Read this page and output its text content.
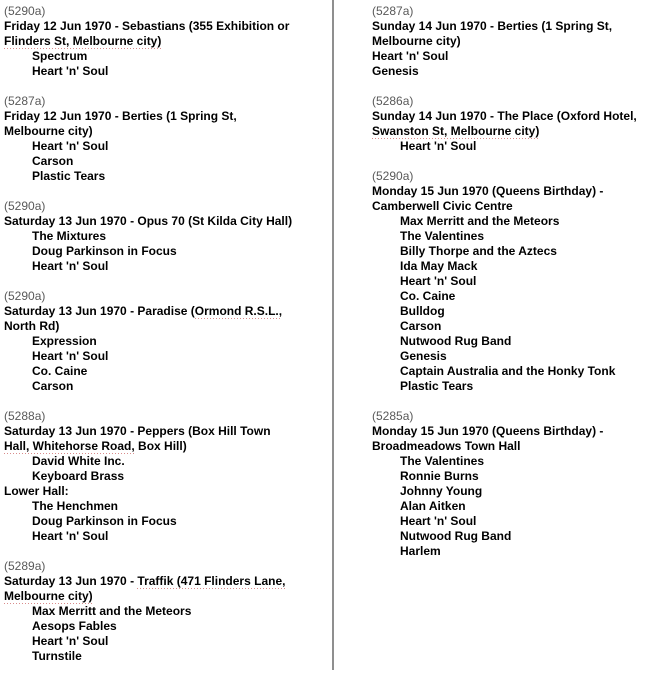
(5290a)
Friday 12 Jun 1970 - Sebastians (355 Exhibition or
Flinders St, Melbourne city)
Spectrum
Heart 'n' Soul
(5287a)
Friday 12 Jun 1970 - Berties (1 Spring St,
Melbourne city)
Heart 'n' Soul
Carson
Plastic Tears
(5290a)
Saturday 13 Jun 1970 - Opus 70 (St Kilda City Hall)
The Mixtures
Doug Parkinson in Focus
Heart 'n' Soul
(5290a)
Saturday 13 Jun 1970 - Paradise (Ormond R.S.L.,
North Rd)
Expression
Heart 'n' Soul
Co. Caine
Carson
(5288a)
Saturday 13 Jun 1970 - Peppers (Box Hill Town
Hall, Whitehorse Road, Box Hill)
David White Inc.
Keyboard Brass
Lower Hall:
The Henchmen
Doug Parkinson in Focus
Heart 'n' Soul
(5289a)
Saturday 13 Jun 1970 - Traffik (471 Flinders Lane,
Melbourne city)
Max Merritt and the Meteors
Aesops Fables
Heart 'n' Soul
Turnstile
(5287a)
Sunday 14 Jun 1970 - Berties (1 Spring St,
Melbourne city)
Heart 'n' Soul
Genesis
(5286a)
Sunday 14 Jun 1970 - The Place (Oxford Hotel,
Swanston St, Melbourne city)
Heart 'n' Soul
(5290a)
Monday 15 Jun 1970 (Queens Birthday) -
Camberwell Civic Centre
Max Merritt and the Meteors
The Valentines
Billy Thorpe and the Aztecs
Ida May Mack
Heart 'n' Soul
Co. Caine
Bulldog
Carson
Nutwood Rug Band
Genesis
Captain Australia and the Honky Tonk
Plastic Tears
(5285a)
Monday 15 Jun 1970 (Queens Birthday) -
Broadmeadows Town Hall
The Valentines
Ronnie Burns
Johnny Young
Alan Aitken
Heart 'n' Soul
Nutwood Rug Band
Harlem
